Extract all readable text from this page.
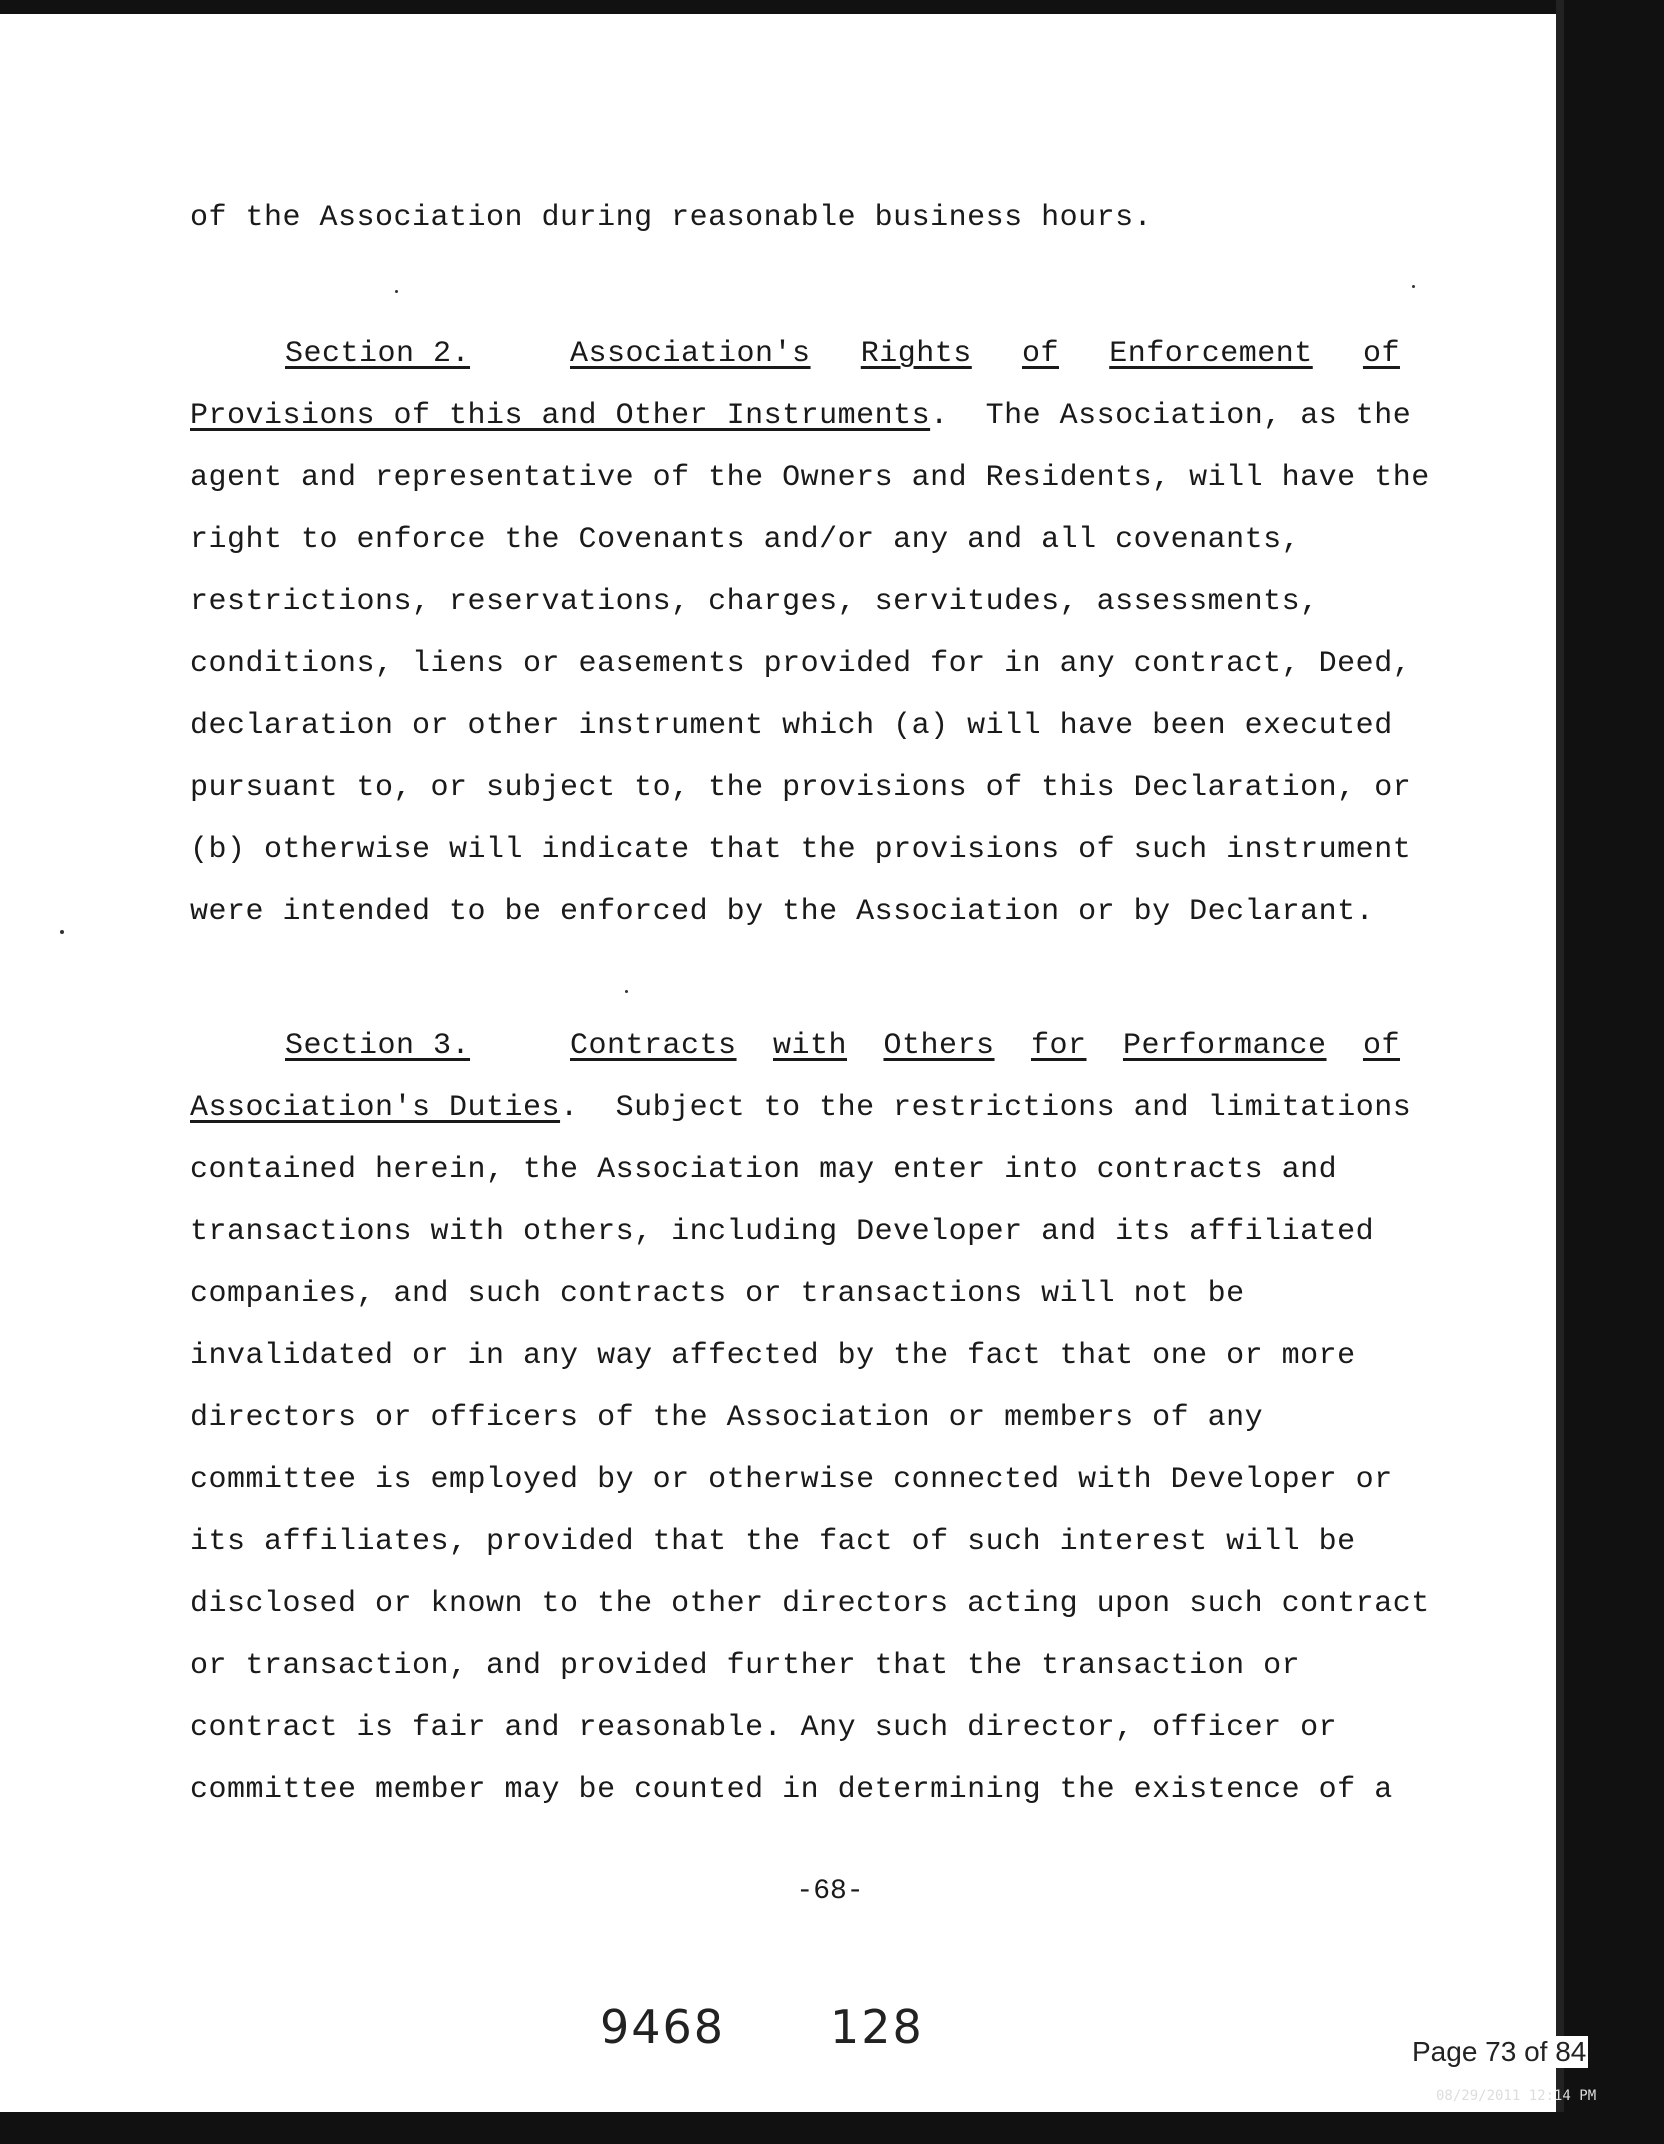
of the Association during reasonable business hours.
Section 2.	Association's Rights of Enforcement of
Provisions of this and Other Instruments. The Association, as the
agent and representative of the Owners and Residents, will have the
right to enforce the Covenants and/or any and all covenants,
restrictions, reservations, charges, servitudes, assessments,
conditions, liens or easements provided for in any contract, Deed,
declaration or other instrument which (a) will have been executed
pursuant to, or subject to, the provisions of this Declaration, or
(b) otherwise will indicate that the provisions of such instrument
were intended to be enforced by the Association or by Declarant.
Section 3.	Contracts with Others for Performance of
Association's Duties. Subject to the restrictions and limitations
contained herein, the Association may enter into contracts and
transactions with others, including Developer and its affiliated
companies, and such contracts or transactions will not be
invalidated or in any way affected by the fact that one or more
directors or officers of the Association or members of any
committee is employed by or otherwise connected with Developer or
its affiliates, provided that the fact of such interest will be
disclosed or known to the other directors acting upon such contract
or transaction, and provided further that the transaction or
contract is fair and reasonable. Any such director, officer or
committee member may be counted in determining the existence of a
-68-
9468 128	Page 73 of 84
08/29/2011 12:14 PM
